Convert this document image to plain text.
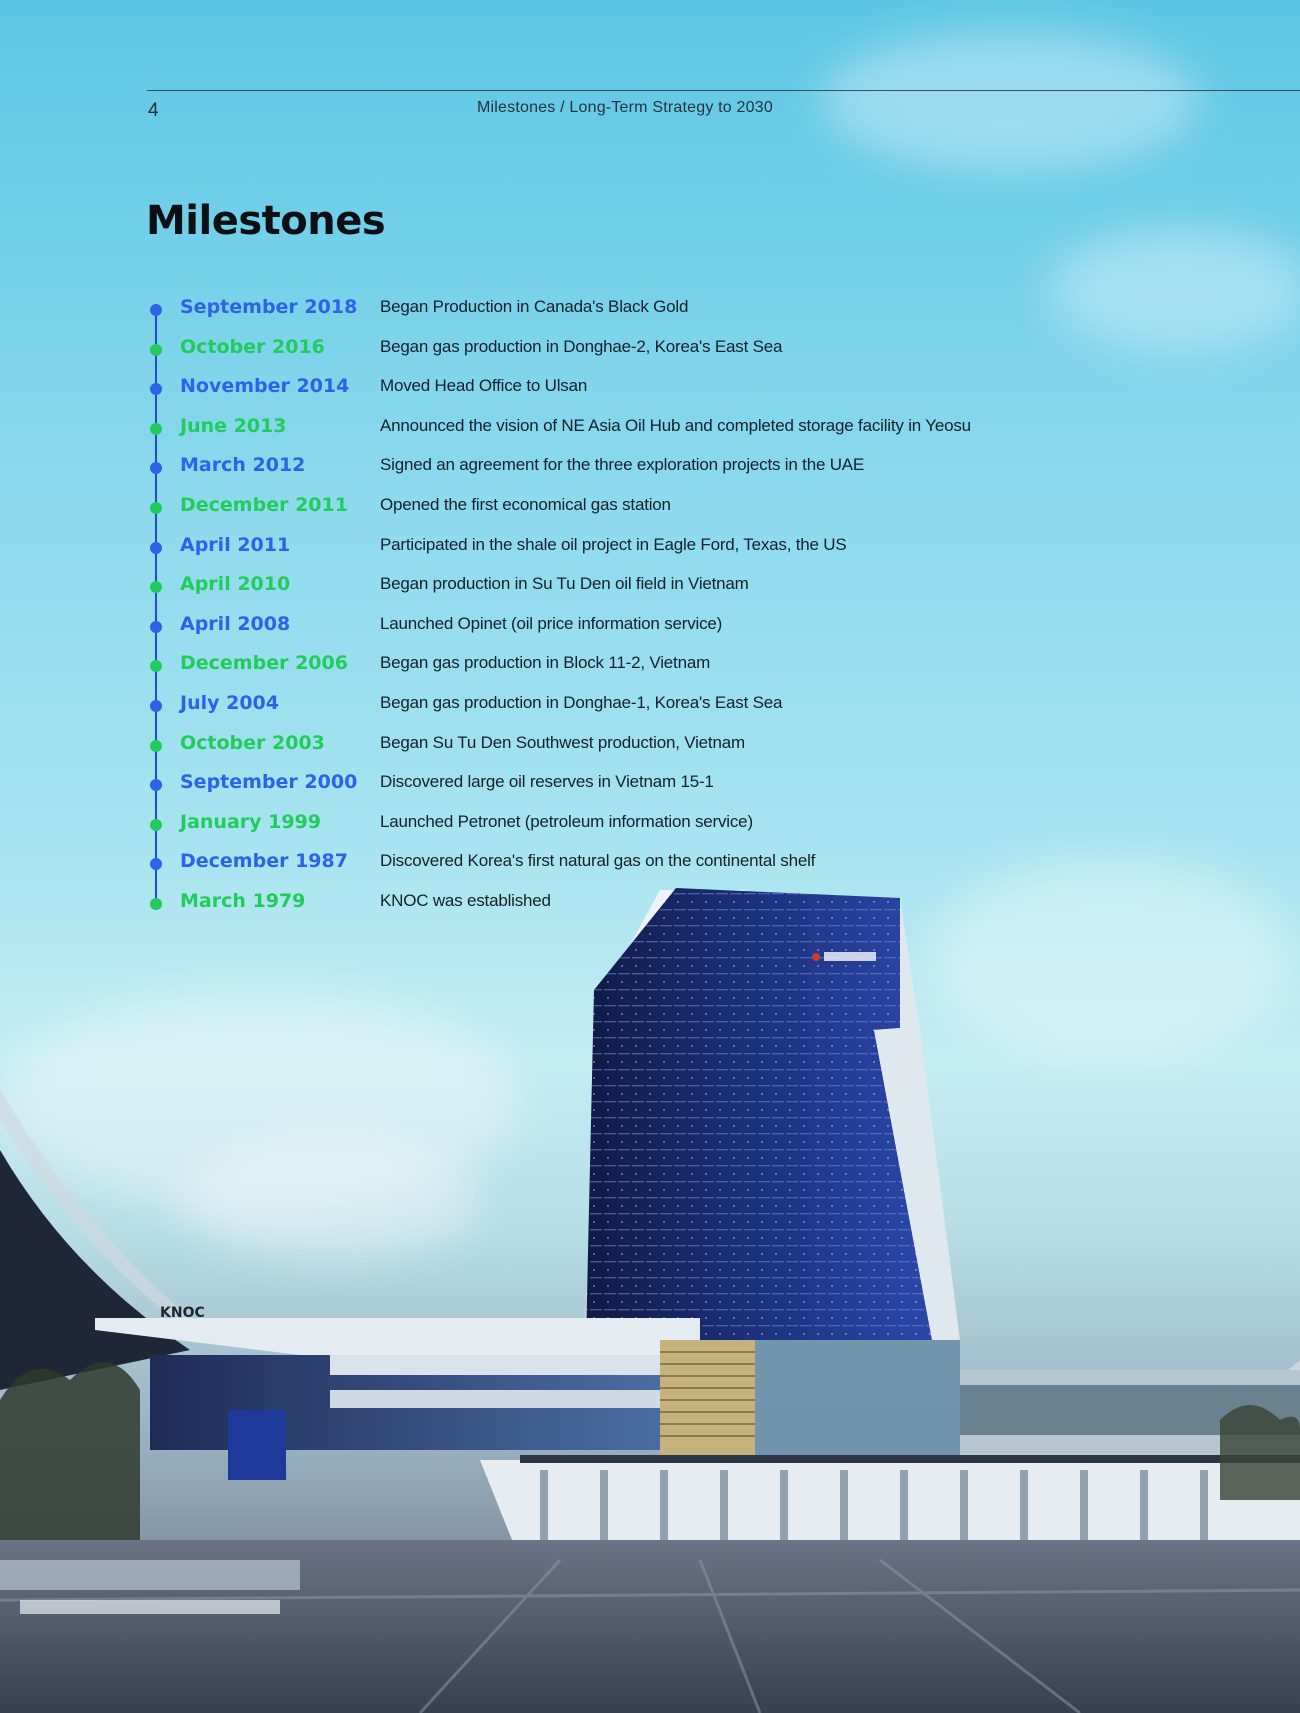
KNOC
4	Milestones / Long-Term Strategy to 2030
Milestones
September 2018 Began Production in Canada's Black Gold
October 2016	Began gas production in Donghae-2, Korea's East Sea
November 2014 Moved Head Office to Ulsan
June 2013	Announced the vision of NE Asia Oil Hub and completed storage facility in Yeosu
March 2012	Signed an agreement for the three exploration projects in the UAE
December 2011 Opened the first economical gas station
April 2011	Participated in the shale oil project in Eagle Ford, Texas, the US
April 2010	Began production in Su Tu Den oil field in Vietnam
April 2008	Launched Opinet (oil price information service)
December 2006 Began gas production in Block 11-2, Vietnam
July 2004	Began gas production in Donghae-1, Korea's East Sea
October 2003	Began Su Tu Den Southwest production, Vietnam
September 2000 Discovered large oil reserves in Vietnam 15-1
January 1999	Launched Petronet (petroleum information service)
December 1987 Discovered Korea's first natural gas on the continental shelf
March 1979	KNOC was established
